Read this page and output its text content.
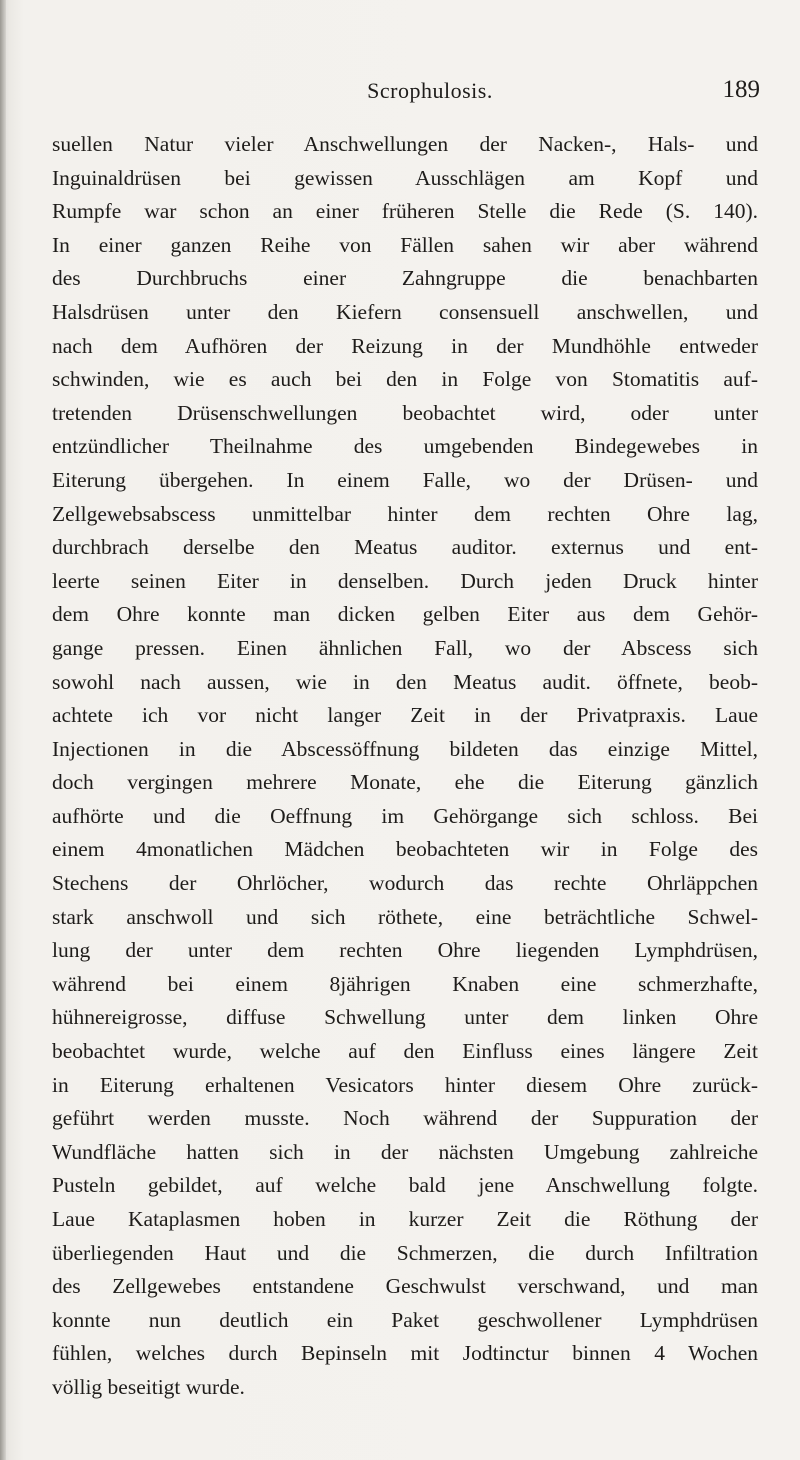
Scrophulosis.	189
suellen Natur vieler Anschwellungen der Nacken-, Hals- und
Inguinaldrüsen bei gewissen Ausschlägen am Kopf und
Rumpfe war schon an einer früheren Stelle die Rede (S. 140).
In einer ganzen Reihe von Fällen sahen wir aber während
des Durchbruchs einer Zahngruppe die benachbarten
Halsdrüsen unter den Kiefern consensuell anschwellen, und
nach dem Aufhören der Reizung in der Mundhöhle entweder
schwinden, wie es auch bei den in Folge von Stomatitis auf-
tretenden Drüsenschwellungen beobachtet wird, oder unter
entzündlicher Theilnahme des umgebenden Bindegewebes in
Eiterung übergehen. In einem Falle, wo der Drüsen- und
Zellgewebsabscess unmittelbar hinter dem rechten Ohre lag,
durchbrach derselbe den Meatus auditor. externus und ent-
leerte seinen Eiter in denselben. Durch jeden Druck hinter
dem Ohre konnte man dicken gelben Eiter aus dem Gehör-
gange pressen. Einen ähnlichen Fall, wo der Abscess sich
sowohl nach aussen, wie in den Meatus audit. öffnete, beob-
achtete ich vor nicht langer Zeit in der Privatpraxis. Laue
Injectionen in die Abscessöffnung bildeten das einzige Mittel,
doch vergingen mehrere Monate, ehe die Eiterung gänzlich
aufhörte und die Oeffnung im Gehörgange sich schloss. Bei
einem 4monatlichen Mädchen beobachteten wir in Folge des
Stechens der Ohrlöcher, wodurch das rechte Ohrläppchen
stark anschwoll und sich röthete, eine beträchtliche Schwel-
lung der unter dem rechten Ohre liegenden Lymphdrüsen,
während bei einem 8jährigen Knaben eine schmerzhafte,
hühnereigrosse, diffuse Schwellung unter dem linken Ohre
beobachtet wurde, welche auf den Einfluss eines längere Zeit
in Eiterung erhaltenen Vesicators hinter diesem Ohre zurück-
geführt werden musste. Noch während der Suppuration der
Wundfläche hatten sich in der nächsten Umgebung zahlreiche
Pusteln gebildet, auf welche bald jene Anschwellung folgte.
Laue Kataplasmen hoben in kurzer Zeit die Röthung der
überliegenden Haut und die Schmerzen, die durch Infiltration
des Zellgewebes entstandene Geschwulst verschwand, und man
konnte nun deutlich ein Paket geschwollener Lymphdrüsen
fühlen, welches durch Bepinseln mit Jodtinctur binnen 4 Wochen
völlig beseitigt wurde.
